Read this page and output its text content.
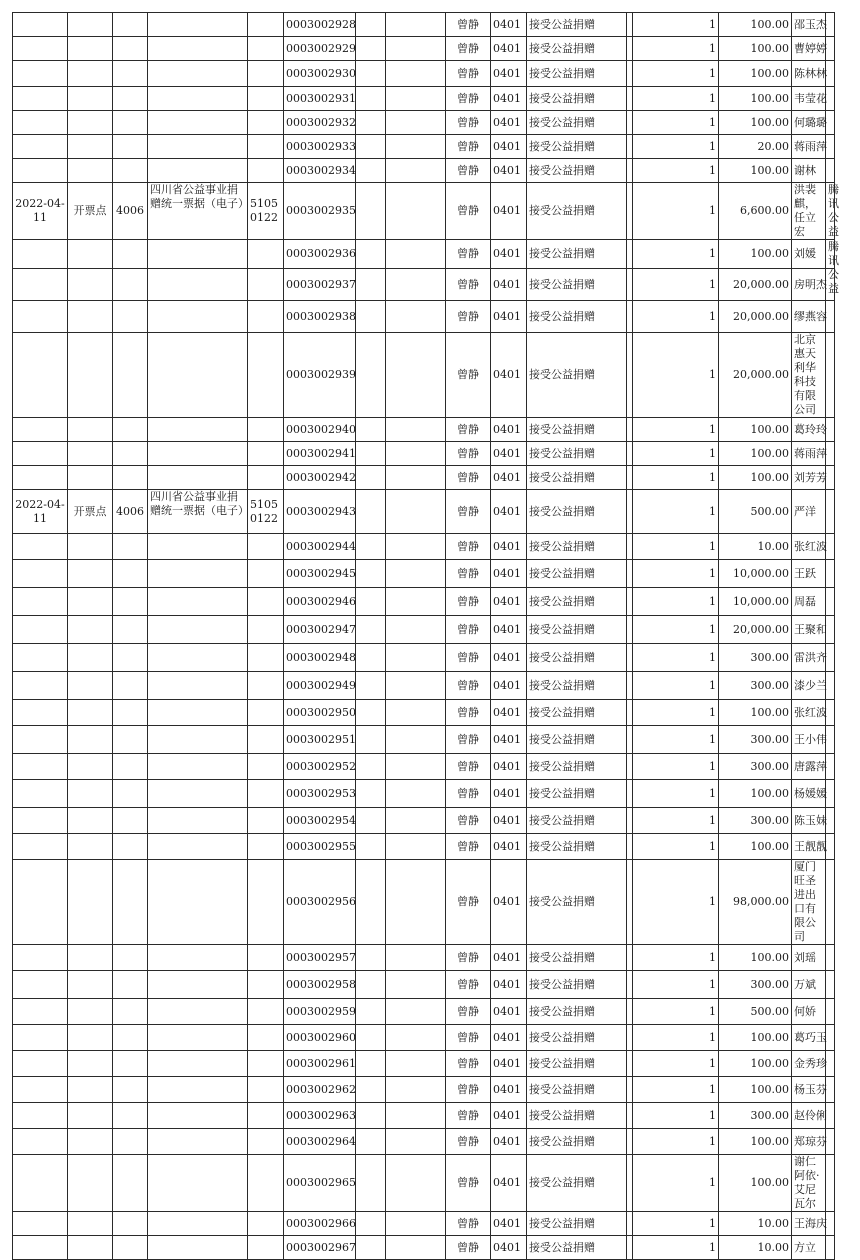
					0003002928			曾静	0401	接受公益捐赠		1	100.00	邵玉杰	
					0003002929			曾静	0401	接受公益捐赠		1	100.00	曹婷婷	
					0003002930			曾静	0401	接受公益捐赠		1	100.00	陈林林	
					0003002931			曾静	0401	接受公益捐赠		1	100.00	韦莹花	
					0003002932			曾静	0401	接受公益捐赠		1	100.00	何璐璐	
					0003002933			曾静	0401	接受公益捐赠		1	20.00	蒋雨萍	
					0003002934			曾静	0401	接受公益捐赠		1	100.00	谢林	
2022-04-11	开票点	4006	四川省公益事业捐赠统一票据（电子）	51050122	0003002935			曾静	0401	接受公益捐赠		1	6,600.00	洪裴麒，任立宏	腾讯公益

					0003002936			曾静	0401	接受公益捐赠		1	100.00	刘媛	腾讯公益

					0003002937			曾静	0401	接受公益捐赠		1	20,000.00	房明杰	
					0003002938			曾静	0401	接受公益捐赠		1	20,000.00	缪燕容	
					0003002939			曾静	0401	接受公益捐赠		1	20,000.00	北京惠天利华科技有限公司	
					0003002940			曾静	0401	接受公益捐赠		1	100.00	葛玲玲	
					0003002941			曾静	0401	接受公益捐赠		1	100.00	蒋雨萍	
					0003002942			曾静	0401	接受公益捐赠		1	100.00	刘芳芳	
2022-04-11	开票点	4006	四川省公益事业捐赠统一票据（电子）	51050122	0003002943			曾静	0401	接受公益捐赠		1	500.00	严洋	
					0003002944			曾静	0401	接受公益捐赠		1	10.00	张红波	
					0003002945			曾静	0401	接受公益捐赠		1	10,000.00	王跃	
					0003002946			曾静	0401	接受公益捐赠		1	10,000.00	周磊	
					0003002947			曾静	0401	接受公益捐赠		1	20,000.00	王聚和	
					0003002948			曾静	0401	接受公益捐赠		1	300.00	雷洪齐	
					0003002949			曾静	0401	接受公益捐赠		1	300.00	漆少兰	
					0003002950			曾静	0401	接受公益捐赠		1	100.00	张红波	
					0003002951			曾静	0401	接受公益捐赠		1	300.00	王小伟	
					0003002952			曾静	0401	接受公益捐赠		1	300.00	唐露萍	
					0003002953			曾静	0401	接受公益捐赠		1	100.00	杨媛媛	
					0003002954			曾静	0401	接受公益捐赠		1	300.00	陈玉妹	
					0003002955			曾静	0401	接受公益捐赠		1	100.00	王靓靓	
					0003002956			曾静	0401	接受公益捐赠		1	98,000.00	厦门旺圣进出口有限公司	
					0003002957			曾静	0401	接受公益捐赠		1	100.00	刘瑶	
					0003002958			曾静	0401	接受公益捐赠		1	300.00	万斌	
					0003002959			曾静	0401	接受公益捐赠		1	500.00	何娇	
					0003002960			曾静	0401	接受公益捐赠		1	100.00	葛巧玉	
					0003002961			曾静	0401	接受公益捐赠		1	100.00	金秀珍	
					0003002962			曾静	0401	接受公益捐赠		1	100.00	杨玉芬	
					0003002963			曾静	0401	接受公益捐赠		1	300.00	赵伶俐	
					0003002964			曾静	0401	接受公益捐赠		1	100.00	郑琼芬	
					0003002965			曾静	0401	接受公益捐赠		1	100.00	谢仁阿依·艾尼瓦尔	
					0003002966			曾静	0401	接受公益捐赠		1	10.00	王海庆	
					0003002967			曾静	0401	接受公益捐赠		1	10.00	方立	
